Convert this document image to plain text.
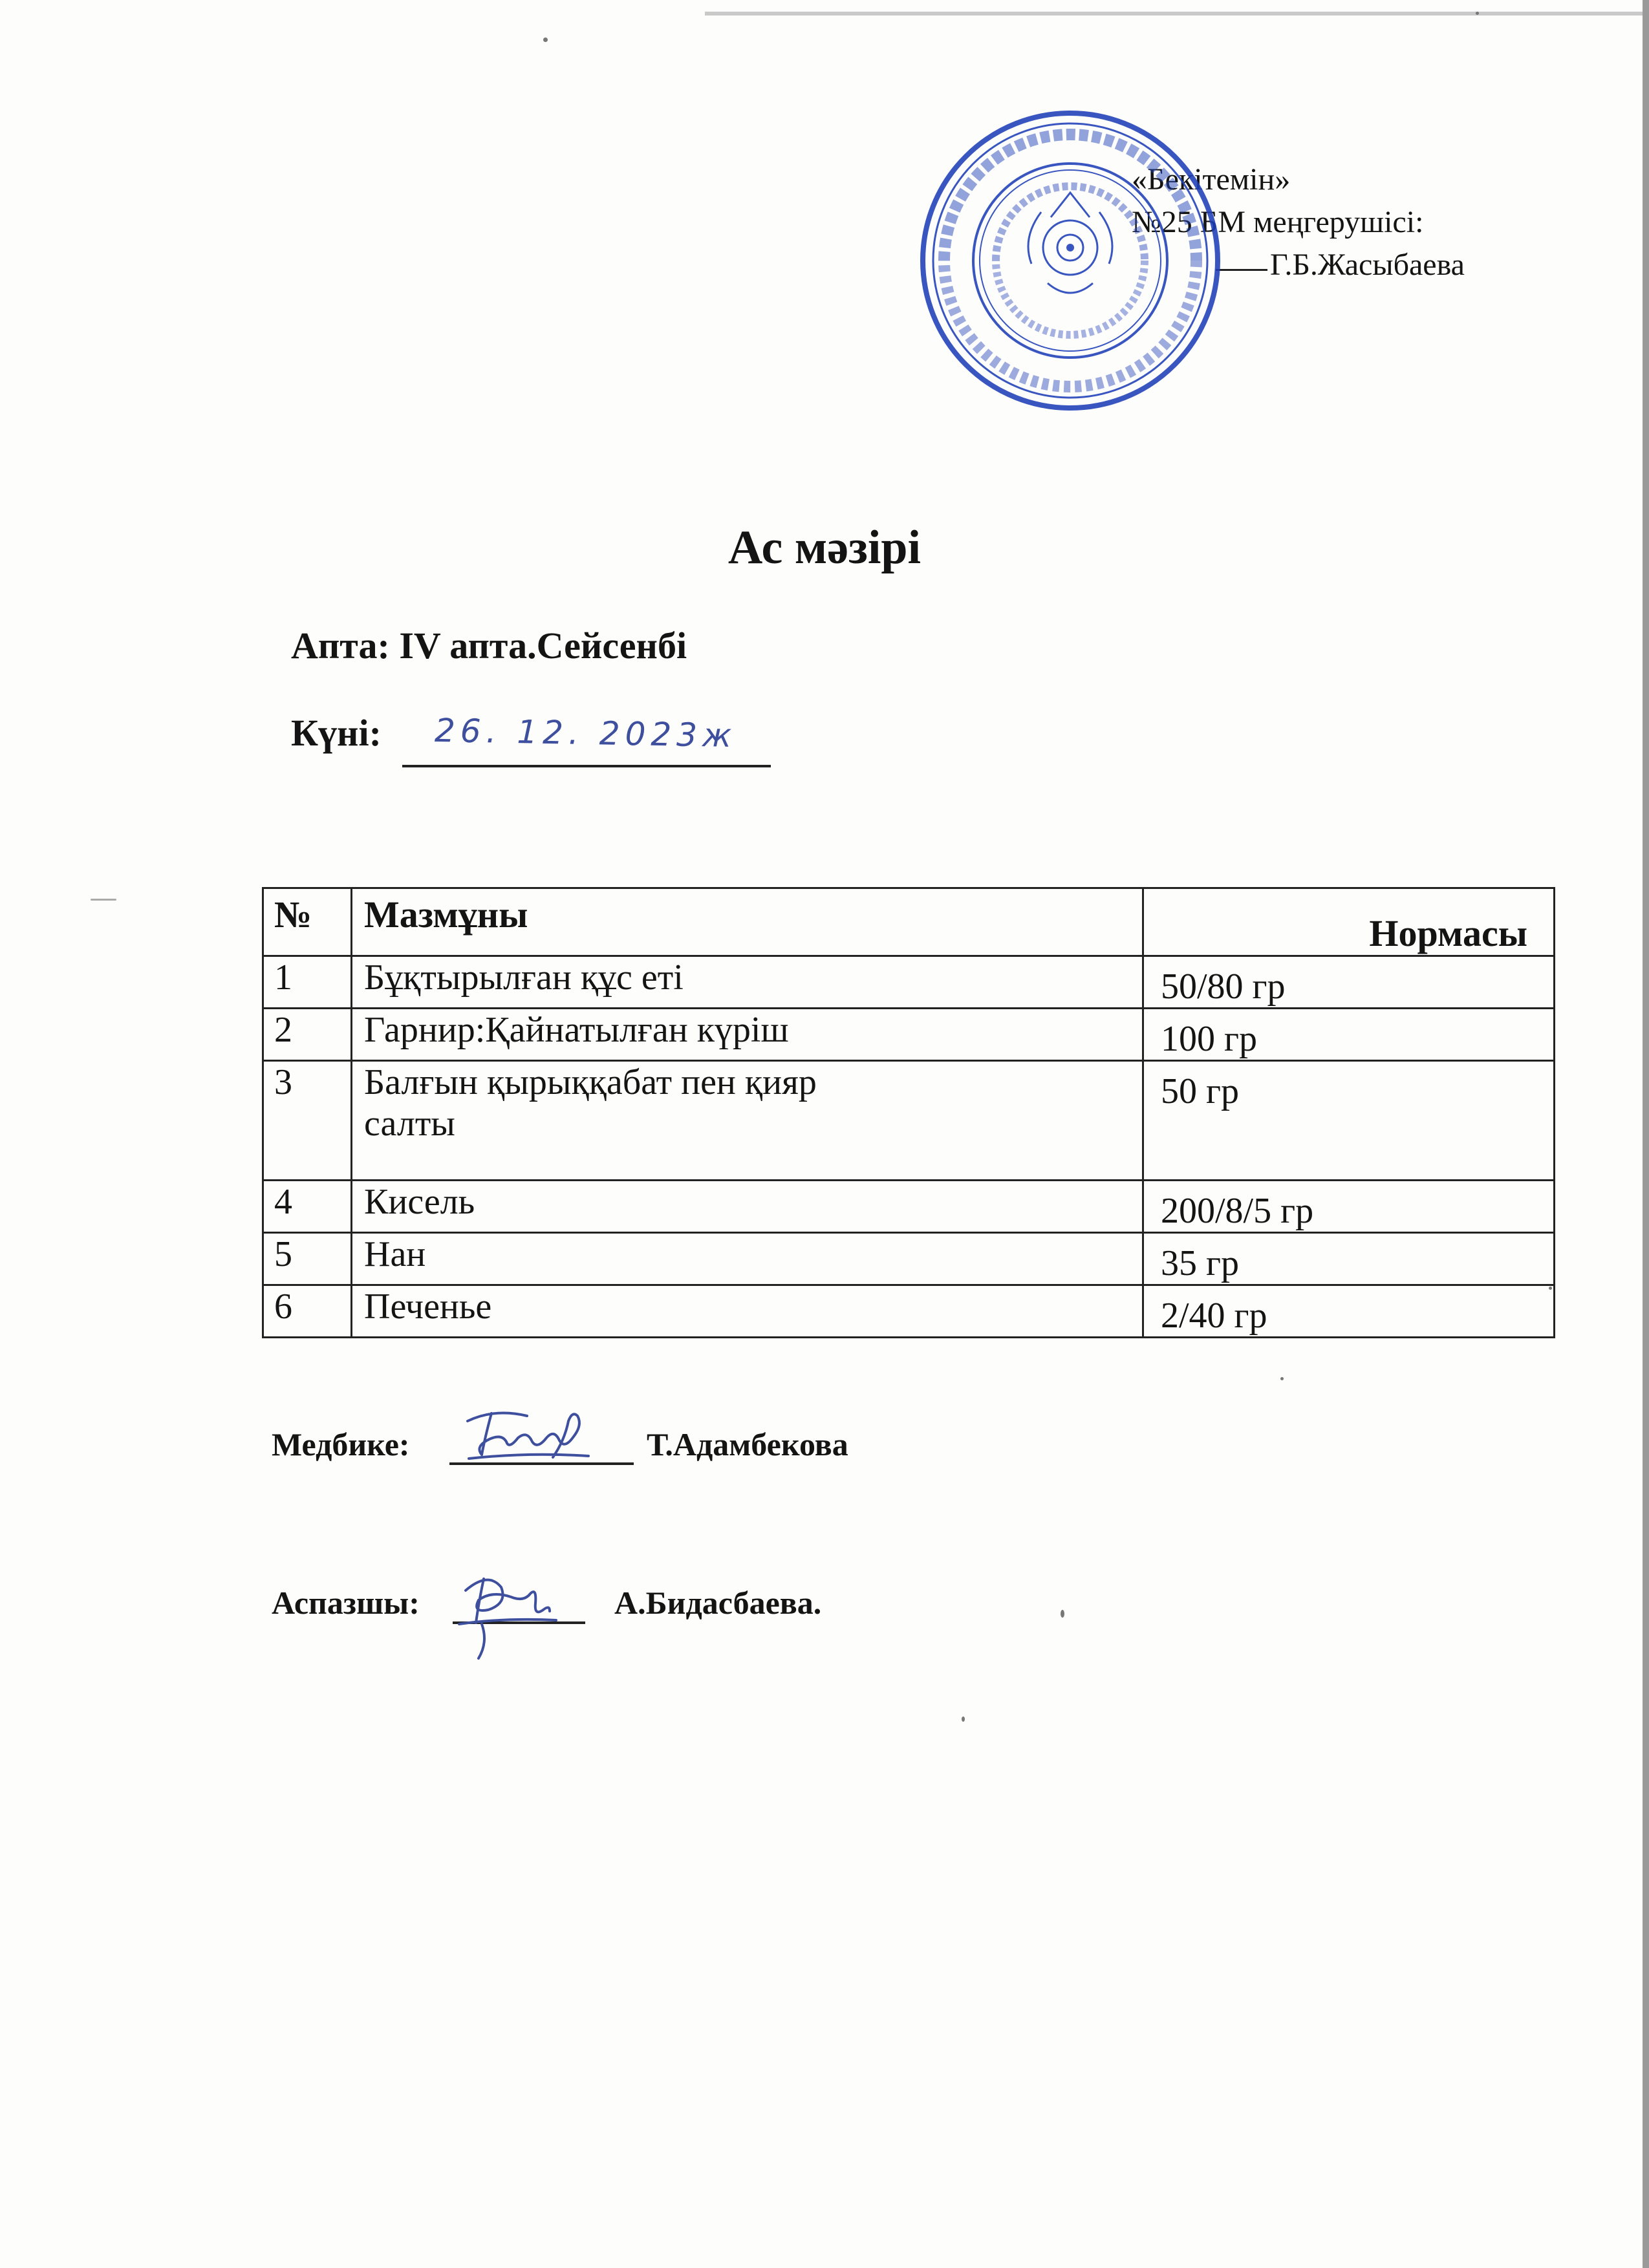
«Бекітемін»
№25 БМ меңгерушісі:
Г.Б.Жасыбаева
Ас мәзірі
Апта: IV апта.Сейсенбі
Күні: 26. 12. 2023ж
№	Мазмұны	Нормасы
1	Бұқтырылған құс еті	50/80 гр
2	Гарнир:Қайнатылған күріш	100 гр
3	Балғын қырыққабат пен қияр салты	50 гр
4	Кисель	200/8/5 гр
5	Нан	35 гр
6	Печенье	2/40 гр
Медбике:	Т.Адамбекова
Аспазшы:	А.Бидасбаева.
